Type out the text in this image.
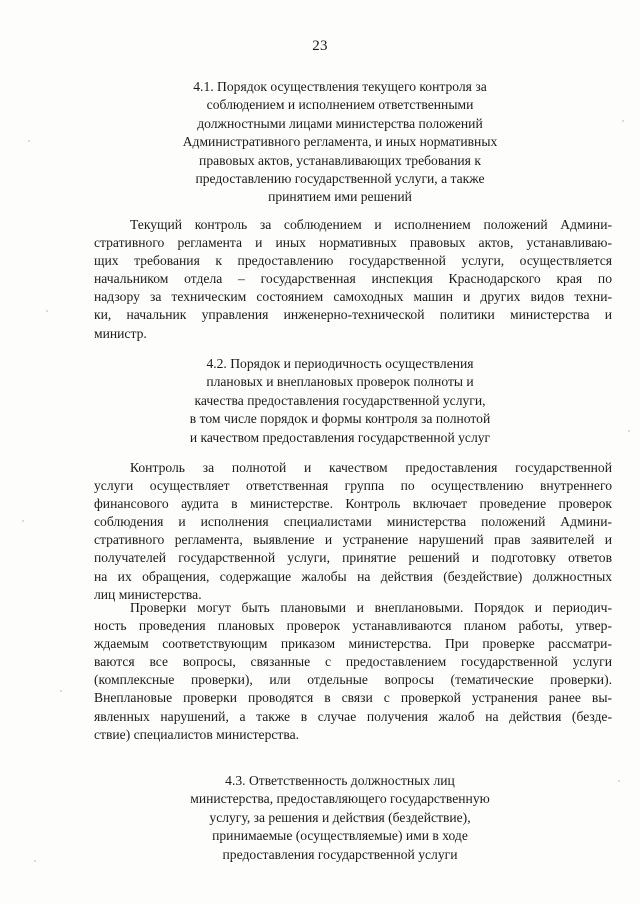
23
4.1. Порядок осуществления текущего контроля за
соблюдением и исполнением ответственными
должностными лицами министерства положений
Административного регламента, и иных нормативных
правовых актов, устанавливающих требования к
предоставлению государственной услуги, а также
принятием ими решений
Текущий контроль за соблюдением и исполнением положений Админи-
стративного регламента и иных нормативных правовых актов, устанавливаю-
щих требования к предоставлению государственной услуги, осуществляется
начальником отдела – государственная инспекция Краснодарского края по
надзору за техническим состоянием самоходных машин и других видов техни-
ки, начальник управления инженерно-технической политики министерства и
министр.
4.2. Порядок и периодичность осуществления
плановых и внеплановых проверок полноты и
качества предоставления государственной услуги,
в том числе порядок и формы контроля за полнотой
и качеством предоставления государственной услуг
Контроль за полнотой и качеством предоставления государственной
услуги осуществляет ответственная группа по осуществлению внутреннего
финансового аудита в министерстве. Контроль включает проведение проверок
соблюдения и исполнения специалистами министерства положений Админи-
стративного регламента, выявление и устранение нарушений прав заявителей и
получателей государственной услуги, принятие решений и подготовку ответов
на их обращения, содержащие жалобы на действия (бездействие) должностных
лиц министерства.
Проверки могут быть плановыми и внеплановыми. Порядок и периодич-
ность проведения плановых проверок устанавливаются планом работы, утвер-
ждаемым соответствующим приказом министерства. При проверке рассматри-
ваются все вопросы, связанные с предоставлением государственной услуги
(комплексные проверки), или отдельные вопросы (тематические проверки).
Внеплановые проверки проводятся в связи с проверкой устранения ранее вы-
явленных нарушений, а также в случае получения жалоб на действия (безде-
ствие) специалистов министерства.
4.3. Ответственность должностных лиц
министерства, предоставляющего государственную
услугу, за решения и действия (бездействие),
принимаемые (осуществляемые) ими в ходе
предоставления государственной услуги
